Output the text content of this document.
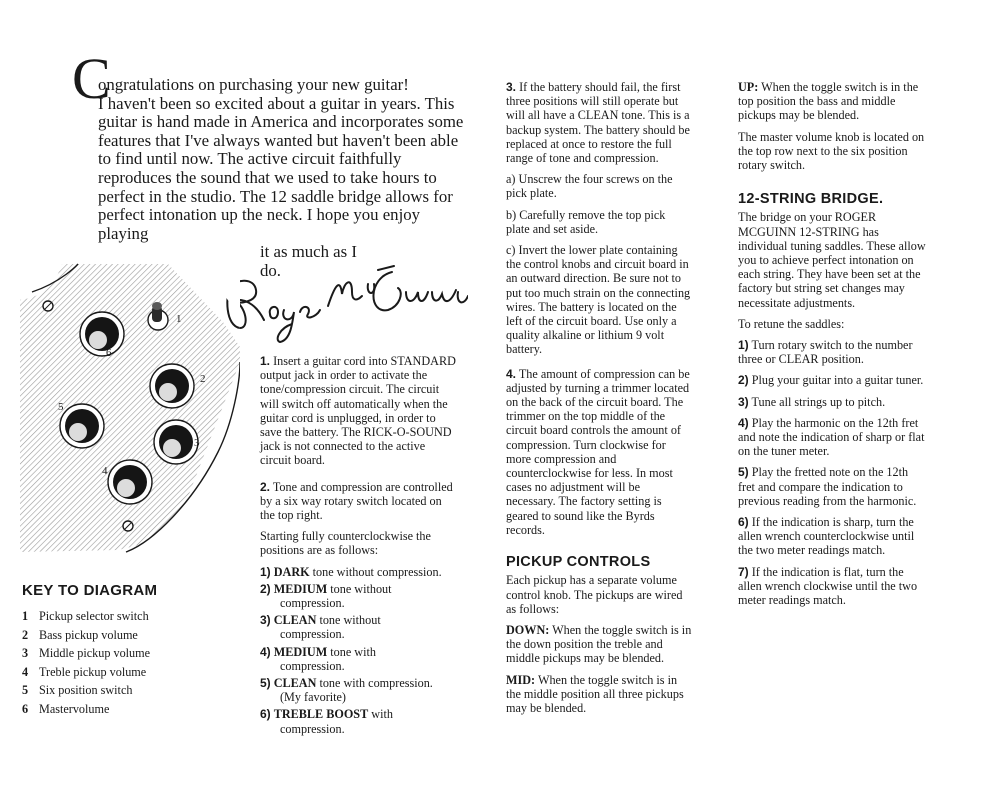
C
ongratulations on purchasing your new guitar!
I haven't been so excited about a guitar in years. This guitar is hand made in America and incorporates some features that I've always wanted but haven't been able to find until now. The active circuit faithfully reproduces the sound that we used to take hours to perfect in the studio. The 12 saddle bridge allows for perfect intonation up the neck. I hope you enjoy playing
it as much as I do.
1
2
3
4
5
6
KEY TO DIAGRAM
1 Pickup selector switch
2 Bass pickup volume
3 Middle pickup volume
4 Treble pickup volume
5 Six position switch
6 Mastervolume

1. Insert a guitar cord into STANDARD output jack in order to activate the tone/compression circuit. The circuit will switch off automatically when the guitar cord is unplugged, in order to save the battery. The RICK-O-SOUND jack is not connected to the active circuit board.

2. Tone and compression are controlled by a six way rotary switch located on the top right.

Starting fully counterclockwise the positions are as follows:

1) DARK tone without compression.

2) MEDIUM tone without
compression.

3) CLEAN tone without
compression.

4) MEDIUM tone with
compression.

5) CLEAN tone with compression.
(My favorite)

6) TREBLE BOOST with
compression.

3. If the battery should fail, the first three positions will still operate but will all have a CLEAN tone. This is a backup system. The battery should be replaced at once to restore the full range of tone and compression.

a) Unscrew the four screws on the pick plate.

b) Carefully remove the top pick plate and set aside.

c) Invert the lower plate containing the control knobs and circuit board in an outward direction. Be sure not to put too much strain on the connecting wires. The battery is located on the left of the circuit board. Use only a quality alkaline or lithium 9 volt battery.

4. The amount of compression can be adjusted by turning a trimmer located on the back of the circuit board. The trimmer on the top middle of the circuit board controls the amount of compression. Turn clockwise for more compression and counterclockwise for less. In most cases no adjustment will be necessary. The factory setting is geared to sound like the Byrds records.

PICKUP CONTROLS

Each pickup has a separate volume control knob. The pickups are wired as follows:

DOWN: When the toggle switch is in the down position the treble and middle pickups may be blended.

MID: When the toggle switch is in the middle position all three pickups may be blended.

UP: When the toggle switch is in the top position the bass and middle pickups may be blended.

The master volume knob is located on the top row next to the six position rotary switch.

12-STRING BRIDGE.

The bridge on your ROGER MCGUINN 12-STRING has individual tuning saddles. These allow you to achieve perfect intonation on each string. They have been set at the factory but string set changes may necessitate adjustments.

To retune the saddles:

1) Turn rotary switch to the number three or CLEAR position.

2) Plug your guitar into a guitar tuner.

3) Tune all strings up to pitch.

4) Play the harmonic on the 12th fret and note the indication of sharp or flat on the tuner meter.

5) Play the fretted note on the 12th fret and compare the indication to previous reading from the harmonic.

6) If the indication is sharp, turn the allen wrench counterclockwise until the two meter readings match.

7) If the indication is flat, turn the allen wrench clockwise until the two meter readings match.
